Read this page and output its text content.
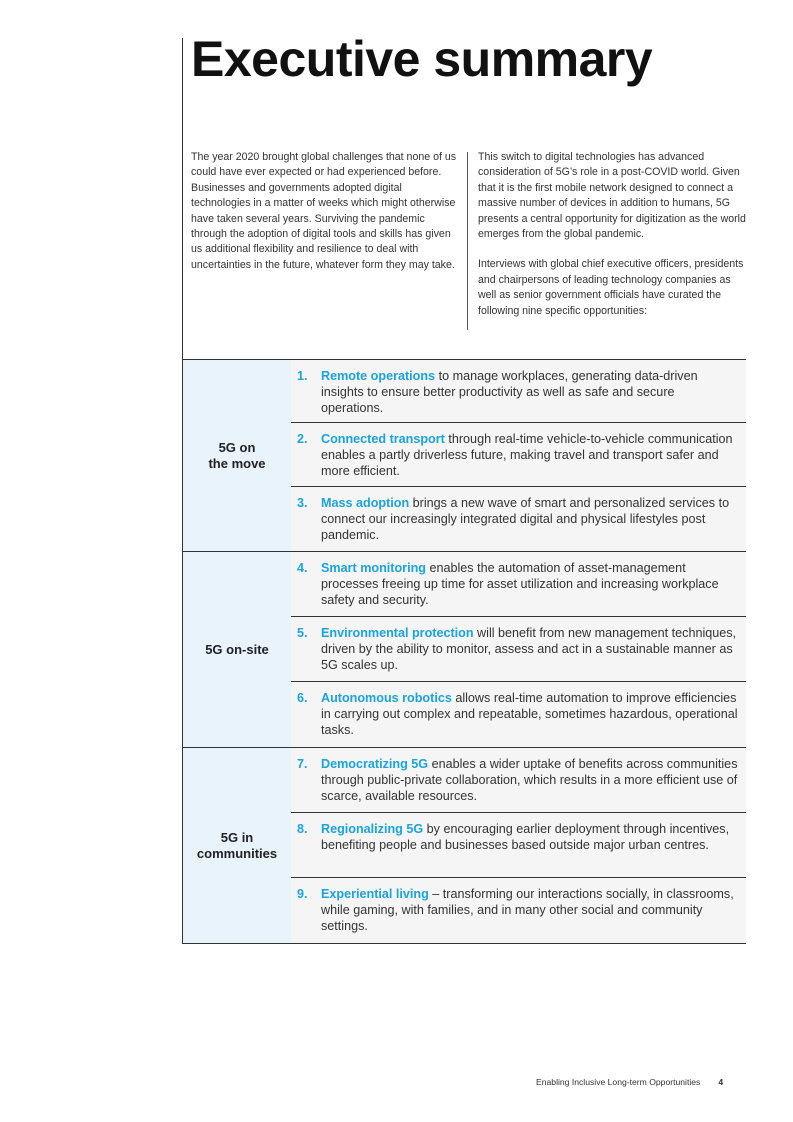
Executive summary

The year 2020 brought global challenges that none of us could have ever expected or had experienced before. Businesses and governments adopted digital technologies in a matter of weeks which might otherwise have taken several years. Surviving the pandemic through the adoption of digital tools and skills has given us additional flexibility and resilience to deal with uncertainties in the future, whatever form they may take.

This switch to digital technologies has advanced consideration of 5G’s role in a post-COVID world. Given that it is the first mobile network designed to connect a massive number of devices in addition to humans, 5G presents a central opportunity for digitization as the world emerges from the global pandemic.

Interviews with global chief executive officers, presidents and chairpersons of leading technology companies as well as senior government officials have curated the following nine specific opportunities:

5G on
the move
1.	Remote operations to manage workplaces, generating data-driven insights to ensure better productivity as well as safe and secure operations.
2.	Connected transport through real-time vehicle-to-vehicle communication enables a partly driverless future, making travel and transport safer and more efficient.
3.	Mass adoption brings a new wave of smart and personalized services to connect our increasingly integrated digital and physical lifestyles post pandemic.
5G on-site
4.	Smart monitoring enables the automation of asset-management processes freeing up time for asset utilization and increasing workplace safety and security.
5.	Environmental protection will benefit from new management techniques, driven by the ability to monitor, assess and act in a sustainable manner as 5G scales up.
6.	Autonomous robotics allows real-time automation to improve efficiencies in carrying out complex and repeatable, sometimes hazardous, operational tasks.
5G in
communities
7.	Democratizing 5G enables a wider uptake of benefits across communities through public-private collaboration, which results in a more efficient use of scarce, available resources.
8.	Regionalizing 5G by encouraging earlier deployment through incentives, benefiting people and businesses based outside major urban centres.
9.	Experiential living – transforming our interactions socially, in classrooms, while gaming, with families, and in many other social and community settings.
Enabling Inclusive Long-term Opportunities 4
